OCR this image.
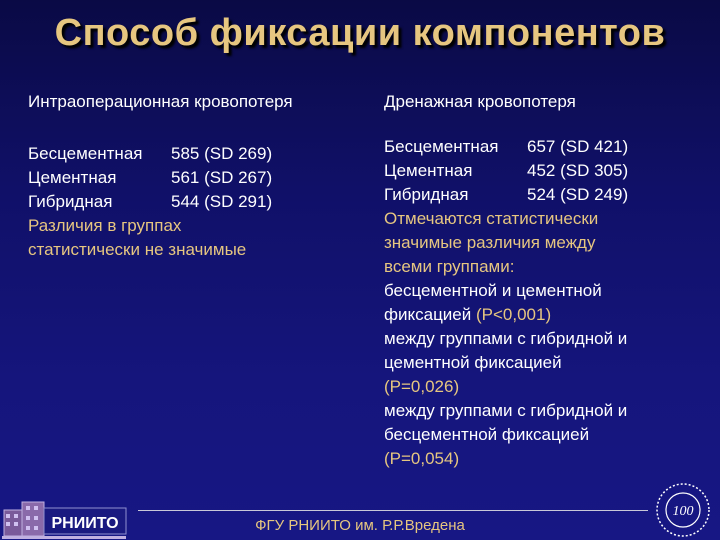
Способ фиксации компонентов
Интраоперационная кровопотеря	Дренажная кровопотеря
Бесцементная	585 (SD 269)
Цементная	561 (SD 267)
Гибридная	544 (SD 291)
Различия в группах
статистически не значимые
Бесцементная	657 (SD 421)
Цементная	452 (SD 305)
Гибридная	524 (SD 249)
Отмечаются статистически
значимые различия между
всеми группами:
бесцементной и цементной
фиксацией (P<0,001)
между группами с гибридной и
цементной фиксацией
(P=0,026)
между группами с гибридной и
бесцементной фиксацией
(P=0,054)
ФГУ РНИИТО им. Р.Р.Вредена
РНИИТО
100
